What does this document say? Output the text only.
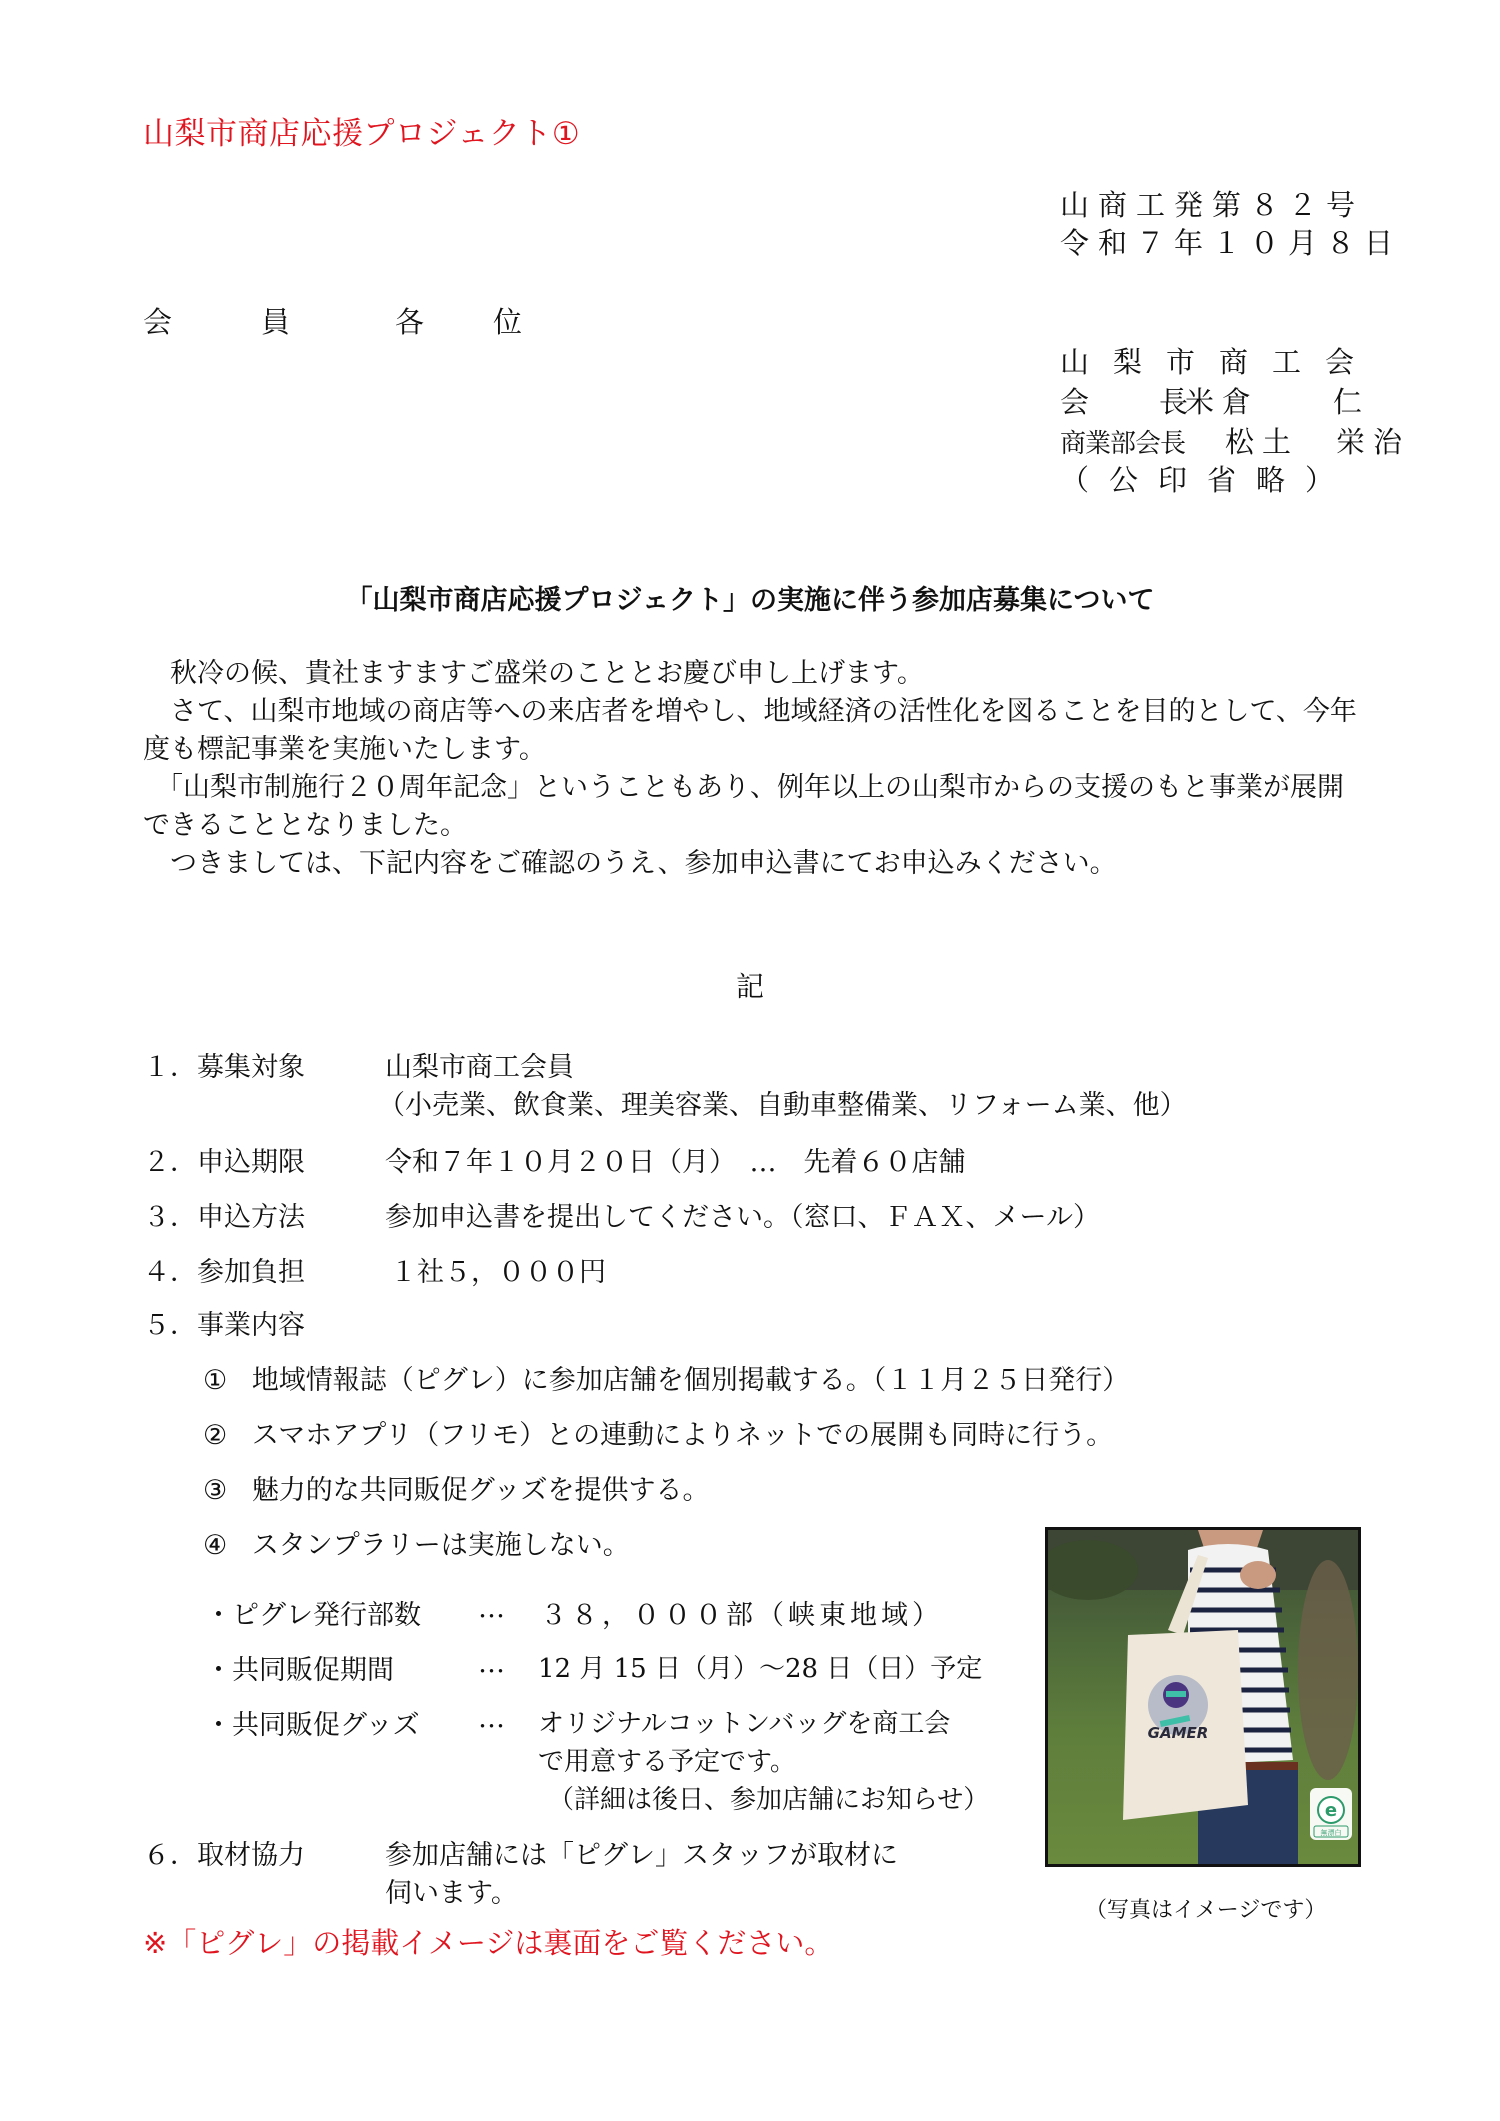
山梨市商店応援プロジェクト①
山商工発第８２号
令和７年１０月８日
会　員	各　位
山梨市商工会
会　　長米倉　　仁
商業部会長 松土　栄治
（公印省略）
「山梨市商店応援プロジェクト」の実施に伴う参加店募集について
秋冷の候、貴社ますますご盛栄のこととお慶び申し上げます。
さて、山梨市地域の商店等への来店者を増やし、地域経済の活性化を図ることを目的として、今年度も標記事業を実施いたします。
「山梨市制施行２０周年記念」ということもあり、例年以上の山梨市からの支援のもと事業が展開できることとなりました。
つきましては、下記内容をご確認のうえ、参加申込書にてお申込みください。
記
１．募集対象	山梨市商工会員
（小売業、飲食業、理美容業、自動車整備業、リフォーム業、他）
２．申込期限	令和７年１０月２０日（月）　…　先着６０店舗
３．申込方法	参加申込書を提出してください。（窓口、ＦＡＸ、メール）
４．参加負担	１社５，０００円
５．事業内容
① 地域情報誌（ピグレ）に参加店舗を個別掲載する。（１１月２５日発行）
② スマホアプリ（フリモ）との連動によりネットでの展開も同時に行う。
③ 魅力的な共同販促グッズを提供する。
④ スタンプラリーは実施しない。
・ピグレ発行部数 … ３８，０００部（峡東地域）
・共同販促期間	… 12 月 15 日（月）～28 日（日）予定
・共同販促グッズ … オリジナルコットンバッグを商工会
で用意する予定です。
（詳細は後日、参加店舗にお知らせ）
６．取材協力	参加店舗には「ピグレ」スタッフが取材に
伺います。
GAMER
e
無漂白
（写真はイメージです）
※「ピグレ」の掲載イメージは裏面をご覧ください。
